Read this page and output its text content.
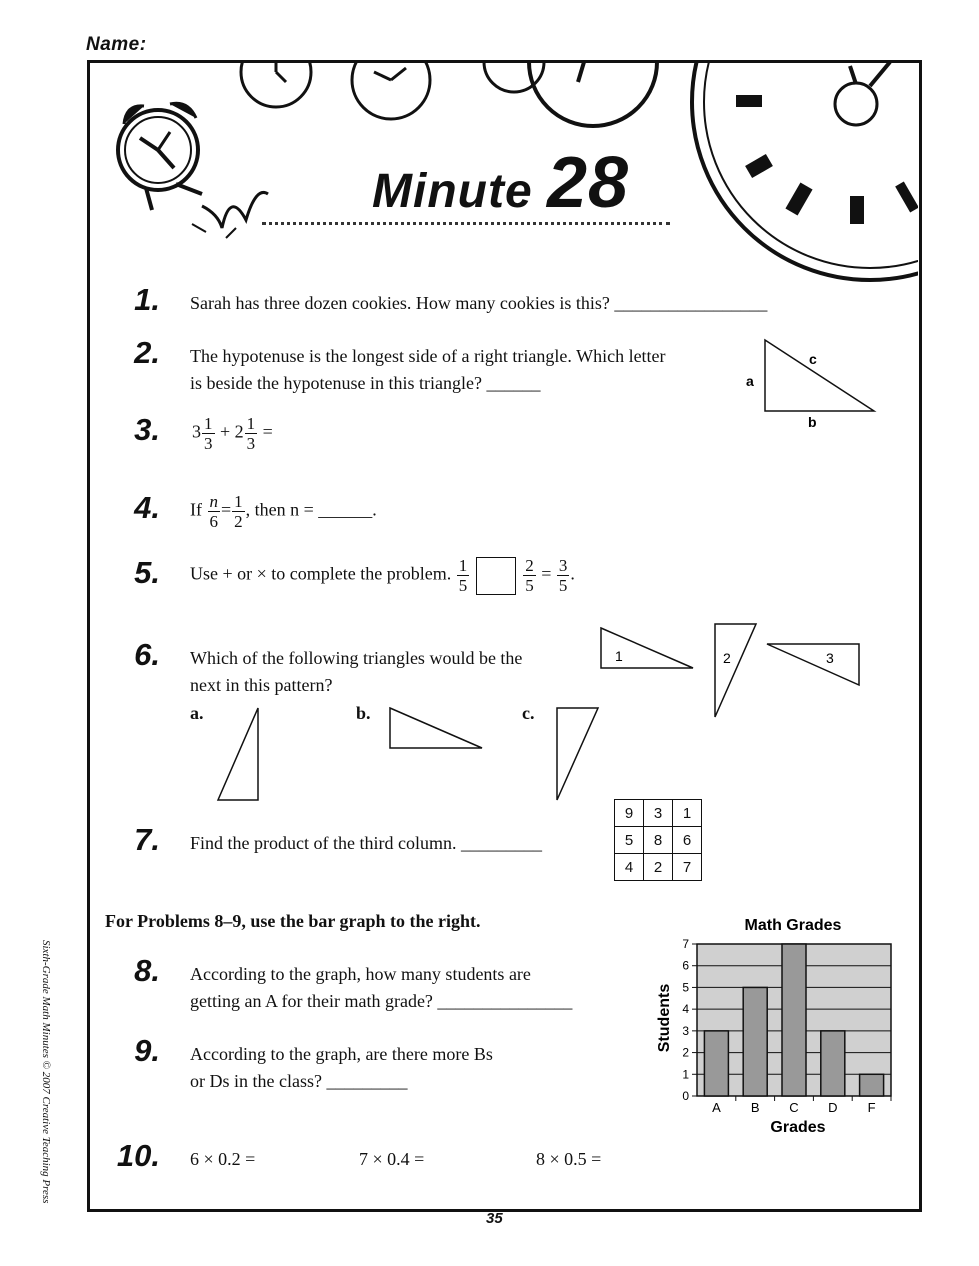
Name:
Minute 28
1. Sarah has three dozen cookies. How many cookies is this? _________________
2. The hypotenuse is the longest side of a right triangle. Which letter
is beside the hypotenuse in this triangle? ______	a
b
c
3. $3 \frac{1}{3} + 2 \frac{1}{3}$ =
4. If $\frac{n}{6} = \frac{1}{2}$ , then n = ______.
5. Use + or × to complete the problem. $\frac{1}{5}$	$\frac{2}{5} = \frac{3}{5}$ .
6. Which of the following triangles would be the
next in this pattern?
1	2	3
a.	b.	c.
7. Find the product of the third column. _________
9	3	1
5	8	6
4	2	7
For Problems 8–9, use the bar graph to the right.
8. According to the graph, how many students are
getting an A for their math grade? _______________
9. According to the graph, are there more Bs
or Ds in the class? _________
10. 6 × 0.2 =	7 × 0.4 =	8 × 0.5 =
Math Grades
Grades
Students
0
1
2
3
4
5
6
7
A B C D F
Sixth-Grade Math Minutes © 2007 Creative Teaching Press
35
